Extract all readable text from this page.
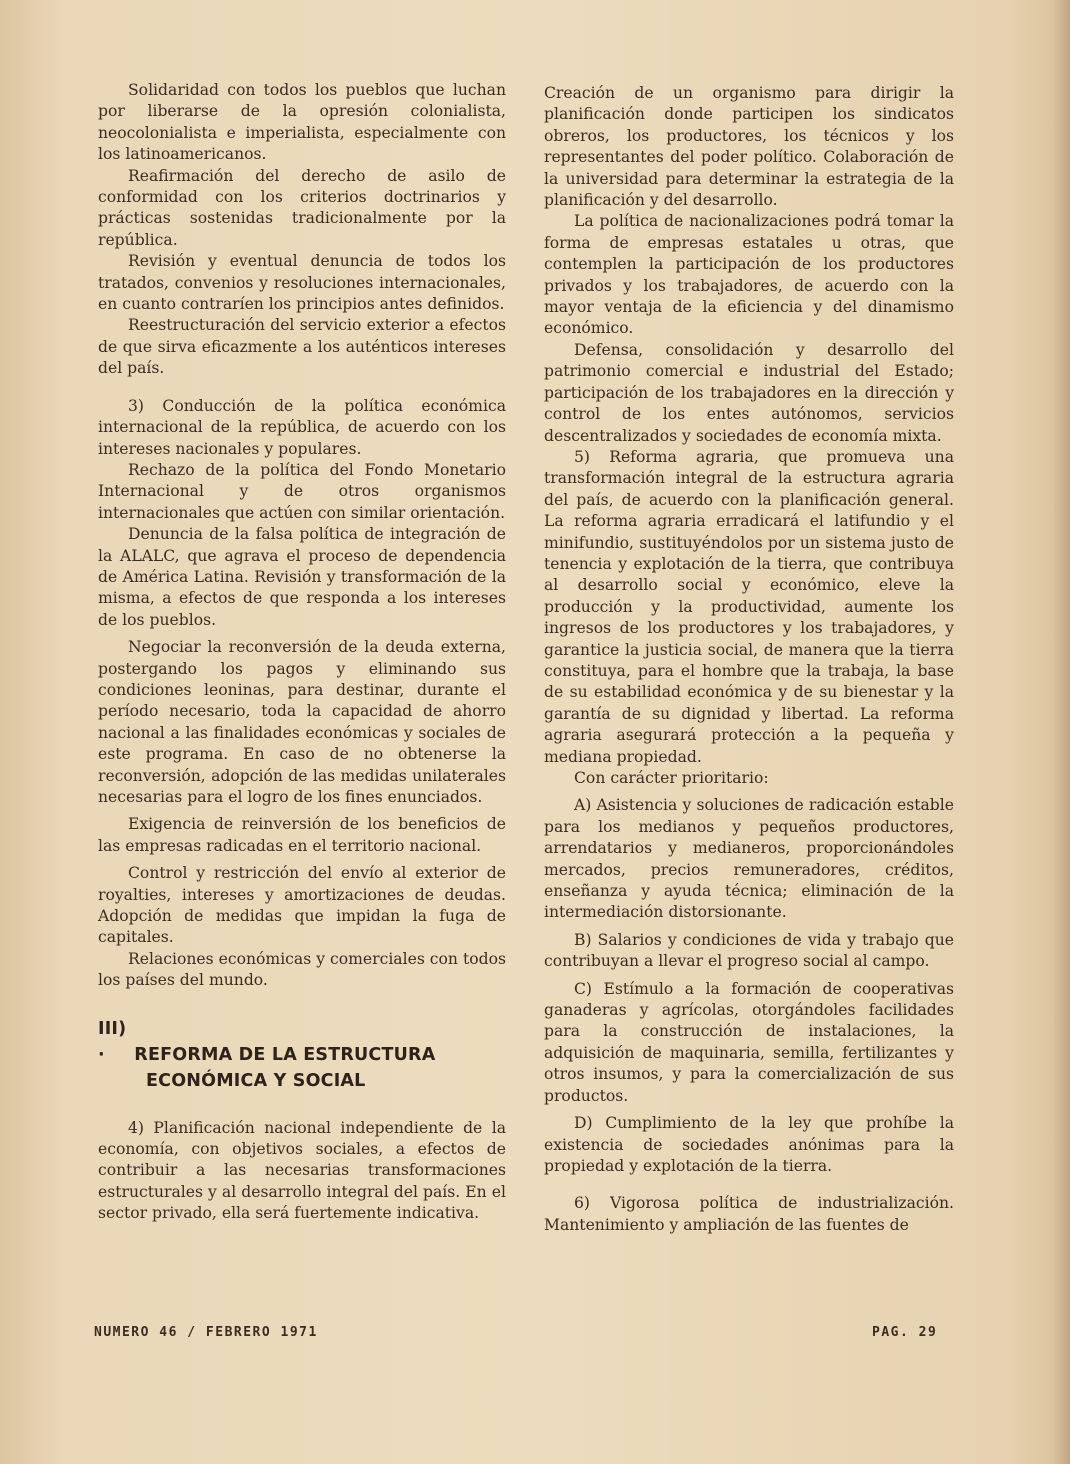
Solidaridad con todos los pueblos que luchan por liberarse de la opresión colonialista, neocolonialista e imperialista, especialmente con los latinoamericanos.

Reafirmación del derecho de asilo de conformidad con los criterios doctrinarios y prácticas sostenidas tradicionalmente por la república.

Revisión y eventual denuncia de todos los tratados, convenios y resoluciones internacionales, en cuanto contraríen los principios antes definidos.

Reestructuración del servicio exterior a efectos de que sirva eficazmente a los auténticos intereses del país.

3) Conducción de la política económica internacional de la república, de acuerdo con los intereses nacionales y populares.

Rechazo de la política del Fondo Monetario Internacional y de otros organismos internacionales que actúen con similar orientación.

Denuncia de la falsa política de integración de la ALALC, que agrava el proceso de dependencia de América Latina. Revisión y transformación de la misma, a efectos de que responda a los intereses de los pueblos.

Negociar la reconversión de la deuda externa, postergando los pagos y eliminando sus condiciones leoninas, para destinar, durante el período necesario, toda la capacidad de ahorro nacional a las finalidades económicas y sociales de este programa. En caso de no obtenerse la reconversión, adopción de las medidas unilaterales necesarias para el logro de los fines enunciados.

Exigencia de reinversión de los beneficios de las empresas radicadas en el territorio nacional.

Control y restricción del envío al exterior de royalties, intereses y amortizaciones de deudas. Adopción de medidas que impidan la fuga de capitales.

Relaciones económicas y comerciales con todos los países del mundo.

III) · REFORMA DE LA ESTRUCTURA
ECONÓMICA Y SOCIAL

4) Planificación nacional independiente de la economía, con objetivos sociales, a efectos de contribuir a las necesarias transformaciones estructurales y al desarrollo integral del país. En el sector privado, ella será fuertemente indicativa.

Creación de un organismo para dirigir la planificación donde participen los sindicatos obreros, los productores, los técnicos y los representantes del poder político. Colaboración de la universidad para determinar la estrategia de la planificación y del desarrollo.

La política de nacionalizaciones podrá tomar la forma de empresas estatales u otras, que contemplen la participación de los productores privados y los trabajadores, de acuerdo con la mayor ventaja de la eficiencia y del dinamismo económico.

Defensa, consolidación y desarrollo del patrimonio comercial e industrial del Estado; participación de los trabajadores en la dirección y control de los entes autónomos, servicios descentralizados y sociedades de economía mixta.

5) Reforma agraria, que promueva una transformación integral de la estructura agraria del país, de acuerdo con la planificación general. La reforma agraria erradicará el latifundio y el minifundio, sustituyéndolos por un sistema justo de tenencia y explotación de la tierra, que contribuya al desarrollo social y económico, eleve la producción y la productividad, aumente los ingresos de los productores y los trabajadores, y garantice la justicia social, de manera que la tierra constituya, para el hombre que la trabaja, la base de su estabilidad económica y de su bienestar y la garantía de su dignidad y libertad. La reforma agraria asegurará protección a la pequeña y mediana propiedad.

Con carácter prioritario:

A) Asistencia y soluciones de radicación estable para los medianos y pequeños productores, arrendatarios y medianeros, proporcionándoles mercados, precios remuneradores, créditos, enseñanza y ayuda técnica; eliminación de la intermediación distorsionante.

B) Salarios y condiciones de vida y trabajo que contribuyan a llevar el progreso social al campo.

C) Estímulo a la formación de cooperativas ganaderas y agrícolas, otorgándoles facilidades para la construcción de instalaciones, la adquisición de maquinaria, semilla, fertilizantes y otros insumos, y para la comercialización de sus productos.

D) Cumplimiento de la ley que prohíbe la existencia de sociedades anónimas para la propiedad y explotación de la tierra.

6) Vigorosa política de industrialización. Mantenimiento y ampliación de las fuentes de

NUMERO 46 / FEBRERO 1971	PAG. 29
